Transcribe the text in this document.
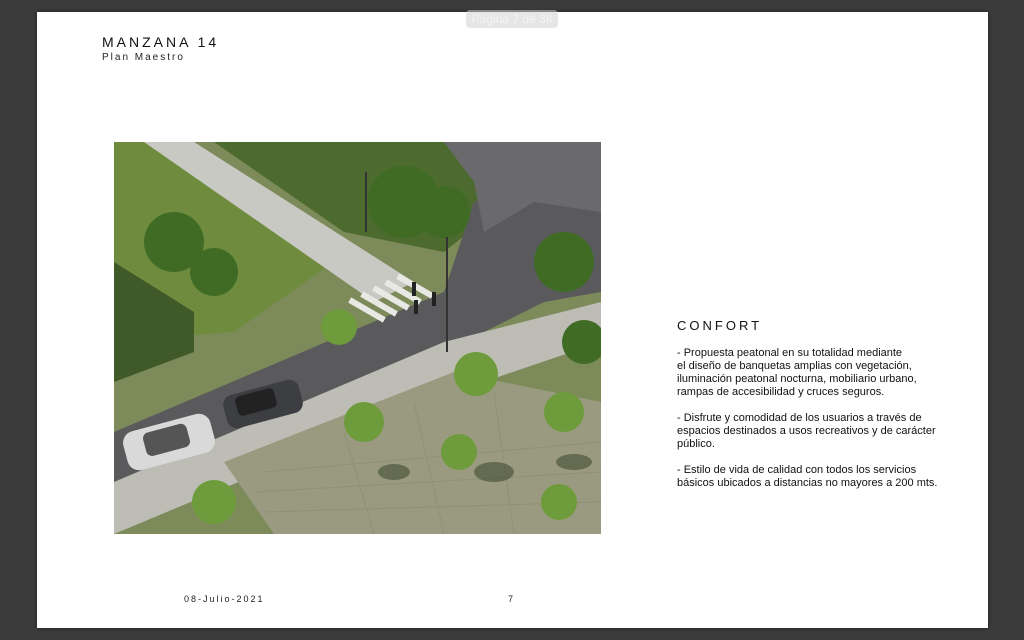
MANZANA 14
Plan Maestro
CONFORT

- Propuesta peatonal en su totalidad mediante
el diseño de banquetas amplias con vegetación,
iluminación peatonal nocturna, mobiliario urbano,
rampas de accesibilidad y cruces seguros.

- Disfrute y comodidad de los usuarios a través de
espacios destinados a usos recreativos y de carácter
público.

- Estilo de vida de calidad con todos los servicios
básicos ubicados a distancias no mayores a 200 mts.

08-Julio-2021	7
Página 7 de 38
